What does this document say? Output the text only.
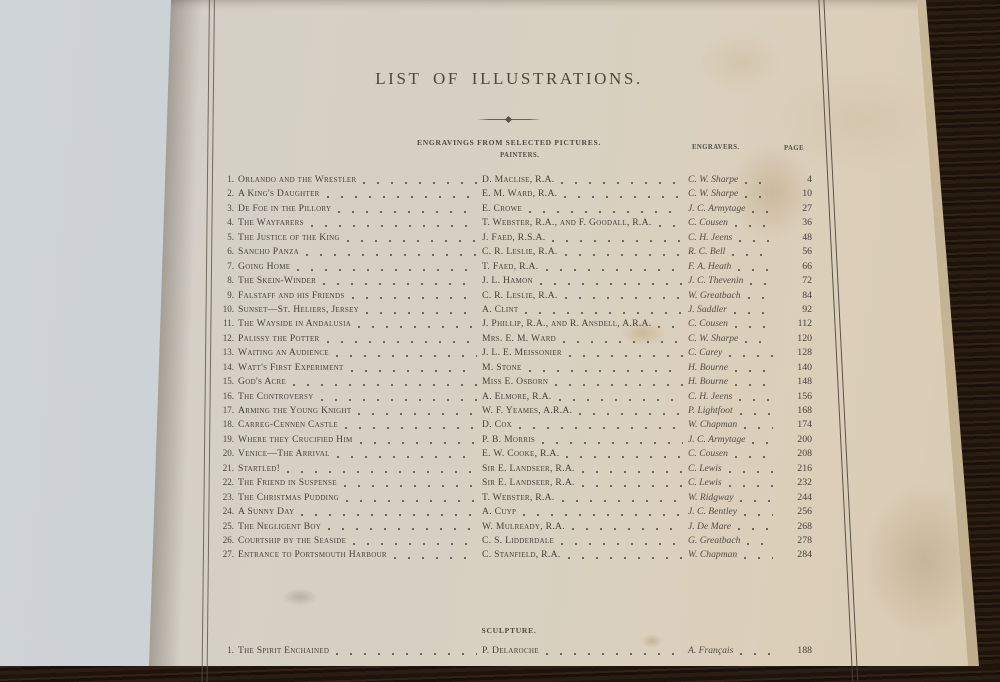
LIST OF ILLUSTRATIONS.
ENGRAVINGS FROM SELECTED PICTURES.
PAINTERS.
ENGRAVERS.	PAGE
1. Orlando and the Wrestler	D. Maclise, R.A.	C. W. Sharpe	4
2. A King's Daughter	E. M. Ward, R.A.	C. W. Sharpe	10
3. De Foe in the Pillory	E. Crowe	J. C. Armytage	27
4. The Wayfarers	T. Webster, R.A., and F. Goodall, R.A.	C. Cousen	36
5. The Justice of the King	J. Faed, R.S.A.	C. H. Jeens	48
6. Sancho Panza	C. R. Leslie, R.A.	R. C. Bell	56
7. Going Home	T. Faed, R.A.	F. A. Heath	66
8. The Skein-Winder	J. L. Hamon	J. C. Thevenin	72
9. Falstaff and his Friends	C. R. Leslie, R.A.	W. Greatbach	84
10. Sunset—St. Heliers, Jersey	A. Clint	J. Saddler	92
11. The Wayside in Andalusia	J. Phillip, R.A., and R. Ansdell, A.R.A.	C. Cousen	112
12. Palissy the Potter	Mrs. E. M. Ward	C. W. Sharpe	120
13. Waiting an Audience	J. L. E. Meissonier	C. Carey	128
14. Watt's First Experiment	M. Stone	H. Bourne	140
15. God's Acre	Miss E. Osborn	H. Bourne	148
16. The Controversy	A. Elmore, R.A.	C. H. Jeens	156
17. Arming the Young Knight	W. F. Yeames, A.R.A.	P. Lightfoot	168
18. Carreg-Cennen Castle	D. Cox	W. Chapman	174
19. Where they Crucified Him	P. B. Morris	J. C. Armytage	200
20. Venice—The Arrival	E. W. Cooke, R.A.	C. Cousen	208
21. Startled!	Sir E. Landseer, R.A.	C. Lewis	216
22. The Friend in Suspense	Sir E. Landseer, R.A.	C. Lewis	232
23. The Christmas Pudding	T. Webster, R.A.	W. Ridgway	244
24. A Sunny Day	A. Cuyp	J. C. Bentley	256
25. The Negligent Boy	W. Mulready, R.A.	J. De Mare	268
26. Courtship by the Seaside	C. S. Lidderdale	G. Greatbach	278
27. Entrance to Portsmouth Harbour	C. Stanfield, R.A.	W. Chapman	284
SCULPTURE.
1. The Spirit Enchained	P. Delaroche	A. Français	188
